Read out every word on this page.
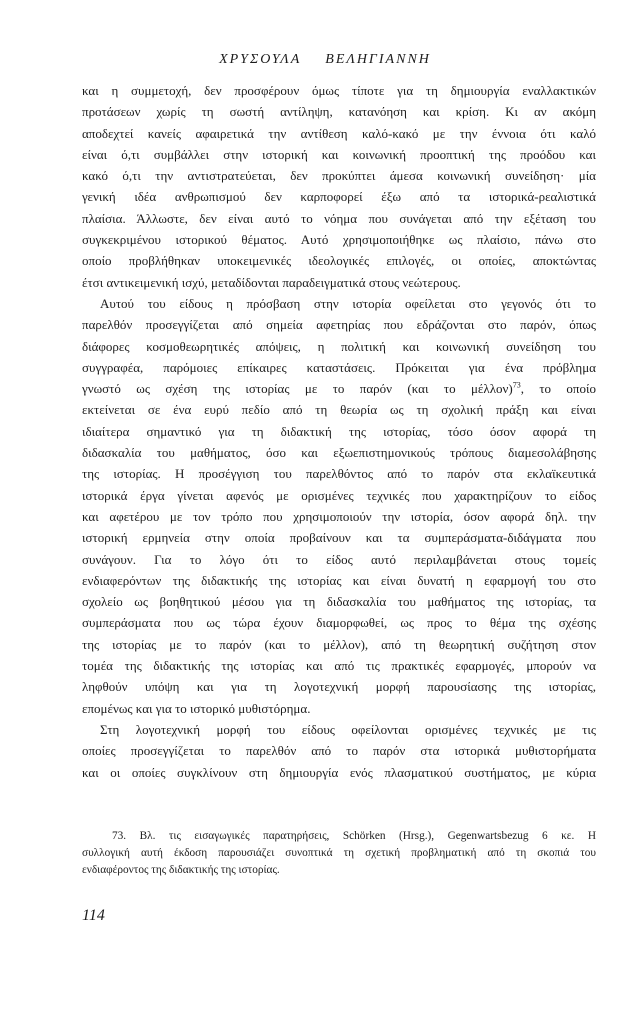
ΧΡΥΣΟΥΛΑ ΒΕΛΗΓΙΑΝΝΗ
και η συμμετοχή, δεν προσφέρουν όμως τίποτε για τη δημιουργία εναλλακτικών
προτάσεων χωρίς τη σωστή αντίληψη, κατανόηση και κρίση. Κι αν ακόμη
αποδεχτεί κανείς αφαιρετικά την αντίθεση καλό-κακό με την έννοια ότι καλό
είναι ό,τι συμβάλλει στην ιστορική και κοινωνική προοπτική της προόδου και
κακό ό,τι την αντιστρατεύεται, δεν προκύπτει άμεσα κοινωνική συνείδηση· μία
γενική ιδέα ανθρωπισμού δεν καρποφορεί έξω από τα ιστορικά-ρεαλιστικά
πλαίσια. Άλλωστε, δεν είναι αυτό το νόημα που συνάγεται από την εξέταση του
συγκεκριμένου ιστορικού θέματος. Αυτό χρησιμοποιήθηκε ως πλαίσιο, πάνω στο
οποίο προβλήθηκαν υποκειμενικές ιδεολογικές επιλογές, οι οποίες, αποκτώντας
έτσι αντικειμενική ισχύ, μεταδίδονται παραδειγματικά στους νεώτερους.
Αυτού του είδους η πρόσβαση στην ιστορία οφείλεται στο γεγονός ότι το
παρελθόν προσεγγίζεται από σημεία αφετηρίας που εδράζονται στο παρόν, όπως
διάφορες κοσμοθεωρητικές απόψεις, η πολιτική και κοινωνική συνείδηση του
συγγραφέα, παρόμοιες επίκαιρες καταστάσεις. Πρόκειται για ένα πρόβλημα
γνωστό ως σχέση της ιστορίας με το παρόν (και το μέλλον)$^{73}$, το οποίο
εκτείνεται σε ένα ευρύ πεδίο από τη θεωρία ως τη σχολική πράξη και είναι
ιδιαίτερα σημαντικό για τη διδακτική της ιστορίας, τόσο όσον αφορά τη
διδασκαλία του μαθήματος, όσο και εξωεπιστημονικούς τρόπους διαμεσολάβησης
της ιστορίας. Η προσέγγιση του παρελθόντος από το παρόν στα εκλαϊκευτικά
ιστορικά έργα γίνεται αφενός με ορισμένες τεχνικές που χαρακτηρίζουν το είδος
και αφετέρου με τον τρόπο που χρησιμοποιούν την ιστορία, όσον αφορά δηλ. την
ιστορική ερμηνεία στην οποία προβαίνουν και τα συμπεράσματα-διδάγματα που
συνάγουν. Για το λόγο ότι το είδος αυτό περιλαμβάνεται στους τομείς
ενδιαφερόντων της διδακτικής της ιστορίας και είναι δυνατή η εφαρμογή του στο
σχολείο ως βοηθητικού μέσου για τη διδασκαλία του μαθήματος της ιστορίας, τα
συμπεράσματα που ως τώρα έχουν διαμορφωθεί, ως προς το θέμα της σχέσης
της ιστορίας με το παρόν (και το μέλλον), από τη θεωρητική συζήτηση στον
τομέα της διδακτικής της ιστορίας και από τις πρακτικές εφαρμογές, μπορούν να
ληφθούν υπόψη και για τη λογοτεχνική μορφή παρουσίασης της ιστορίας,
επομένως και για το ιστορικό μυθιστόρημα.
Στη λογοτεχνική μορφή του είδους οφείλονται ορισμένες τεχνικές με τις
οποίες προσεγγίζεται το παρελθόν από το παρόν στα ιστορικά μυθιστορήματα
και οι οποίες συγκλίνουν στη δημιουργία ενός πλασματικού συστήματος, με κύρια
73. Βλ. τις εισαγωγικές παρατηρήσεις, Schörken (Hrsg.), Gegenwartsbezug 6 κε. Η
συλλογική αυτή έκδοση παρουσιάζει συνοπτικά τη σχετική προβληματική από τη σκοπιά του
ενδιαφέροντος της διδακτικής της ιστορίας.
114
